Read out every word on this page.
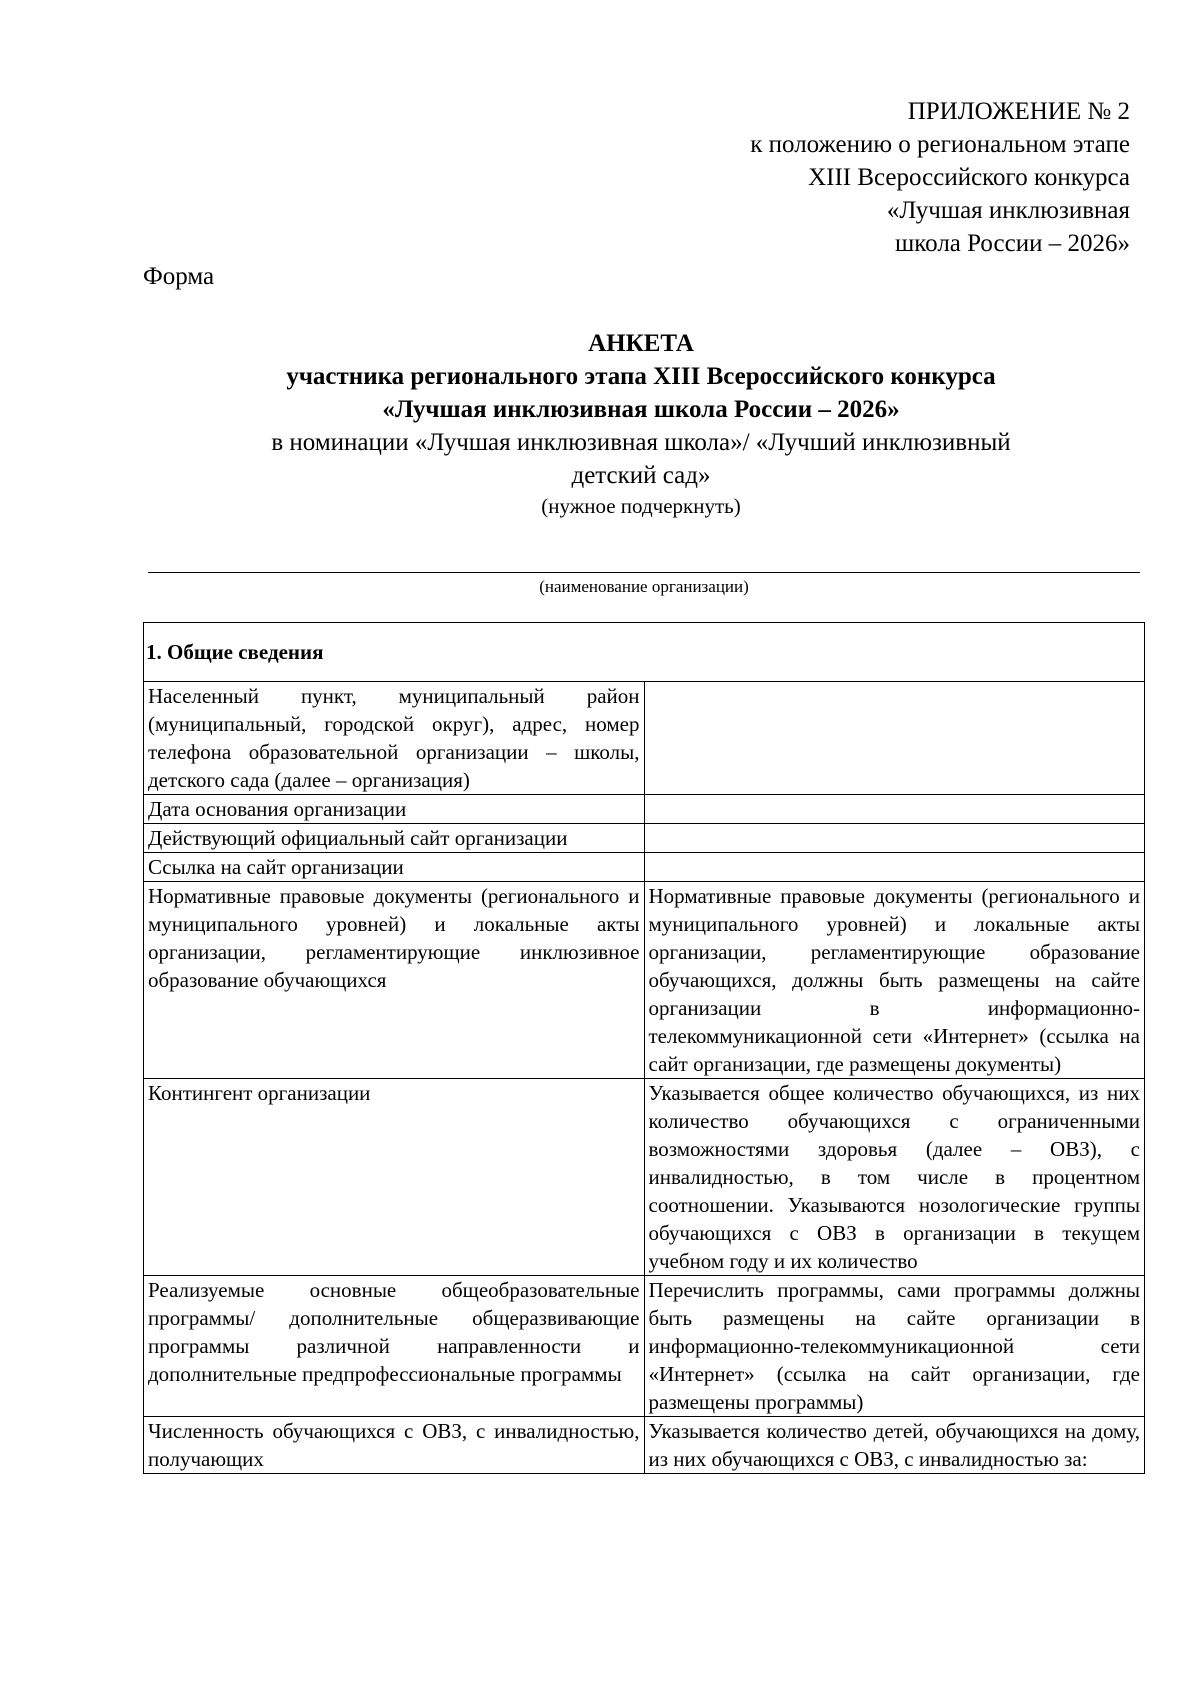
ПРИЛОЖЕНИЕ № 2
к положению о региональном этапе
XIII Всероссийского конкурса
«Лучшая инклюзивная
школа России – 2026»
Форма
АНКЕТА
участника регионального этапа XIII Всероссийского конкурса
«Лучшая инклюзивная школа России – 2026»
в номинации «Лучшая инклюзивная школа»/ «Лучший инклюзивный
детский сад»
(нужное подчеркнуть)
(наименование организации)
1. Общие сведения	
Населенный пункт, муниципальный район (муниципальный, городской округ), адрес, номер телефона образовательной организации – школы, детского сада (далее – организация)	
Дата основания организации	
Действующий официальный сайт организации	
Ссылка на сайт организации	
Нормативные правовые документы (регионального и муниципального уровней) и локальные акты организации, регламентирующие инклюзивное образование обучающихся	Нормативные правовые документы (регионального и муниципального уровней) и локальные акты организации, регламентирующие образование обучающихся, должны быть размещены на сайте организации в информационно-телекоммуникационной сети «Интернет» (ссылка на сайт организации, где размещены документы)
Контингент организации	Указывается общее количество обучающихся, из них количество обучающихся с ограниченными возможностями здоровья (далее – ОВЗ), с инвалидностью, в том числе в процентном соотношении. Указываются нозологические группы обучающихся с ОВЗ в организации в текущем учебном году и их количество
Реализуемые основные общеобразовательные программы/ дополнительные общеразвивающие программы различной направленности и дополнительные предпрофессиональные программы	Перечислить программы, сами программы должны быть размещены на сайте организации в информационно-телекоммуникационной сети «Интернет» (ссылка на сайт организации, где размещены программы)
Численность обучающихся с ОВЗ, с инвалидностью, получающих	Указывается количество детей, обучающихся на дому, из них обучающихся с ОВЗ, с инвалидностью за:
